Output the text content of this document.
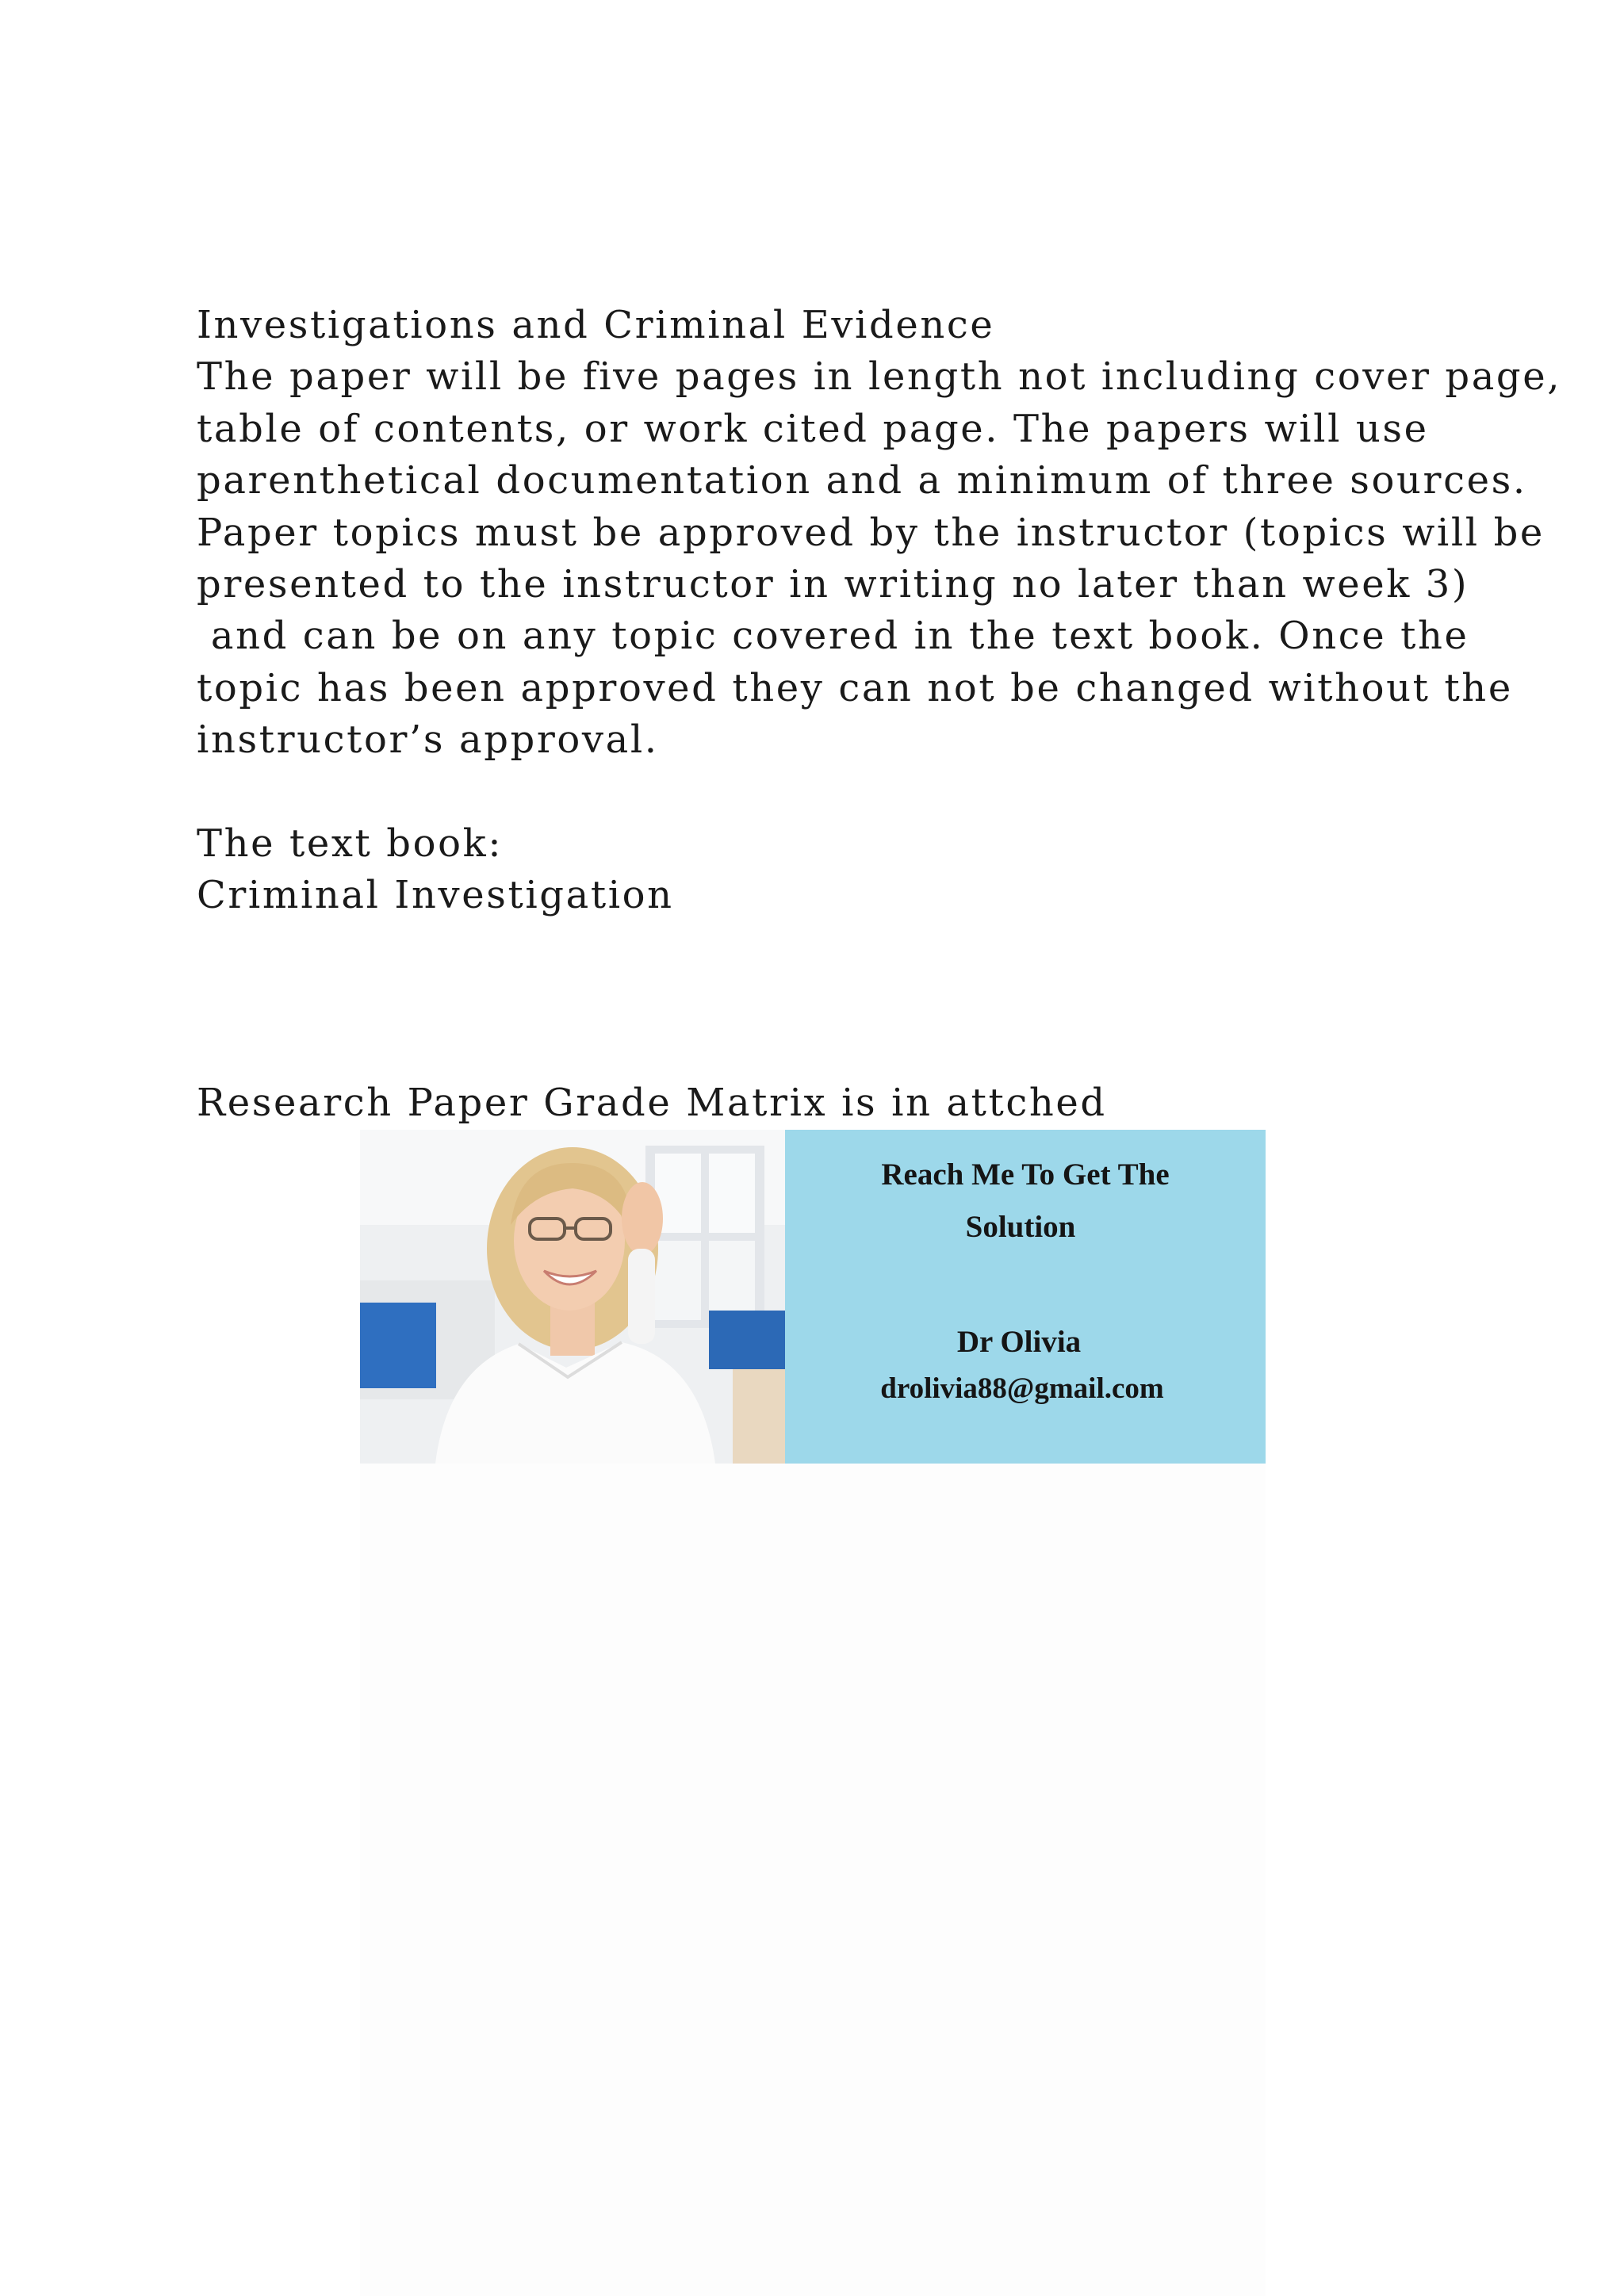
Investigations and Criminal Evidence
The paper will be five pages in length not including cover page,
table of contents, or work cited page. The papers will use
parenthetical documentation and a minimum of three sources.
Paper topics must be approved by the instructor (topics will be
presented to the instructor in writing no later than week 3)
and can be on any topic covered in the text book. Once the
topic has been approved they can not be changed without the
instructor’s approval.
The text book:
Criminal Investigation
Research Paper Grade Matrix is in attched
Reach Me To Get The
Solution
Dr Olivia
drolivia88@gmail.com
